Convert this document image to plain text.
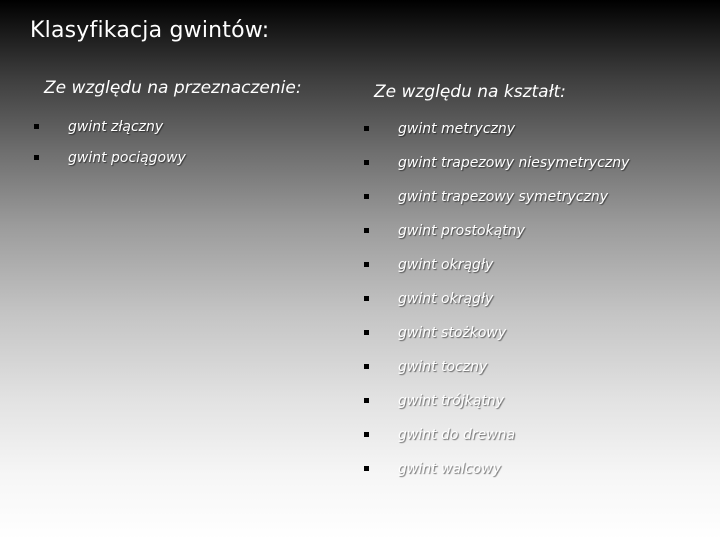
Klasyfikacja gwintów:
Ze względu na przeznaczenie:	Ze względu na kształt:
gwint złączny
gwint pociągowy
gwint metryczny
gwint trapezowy niesymetryczny
gwint trapezowy symetryczny
gwint prostokątny
gwint okrągły
gwint okrągły
gwint stożkowy
gwint toczny
gwint trójkątny
gwint do drewna
gwint walcowy
